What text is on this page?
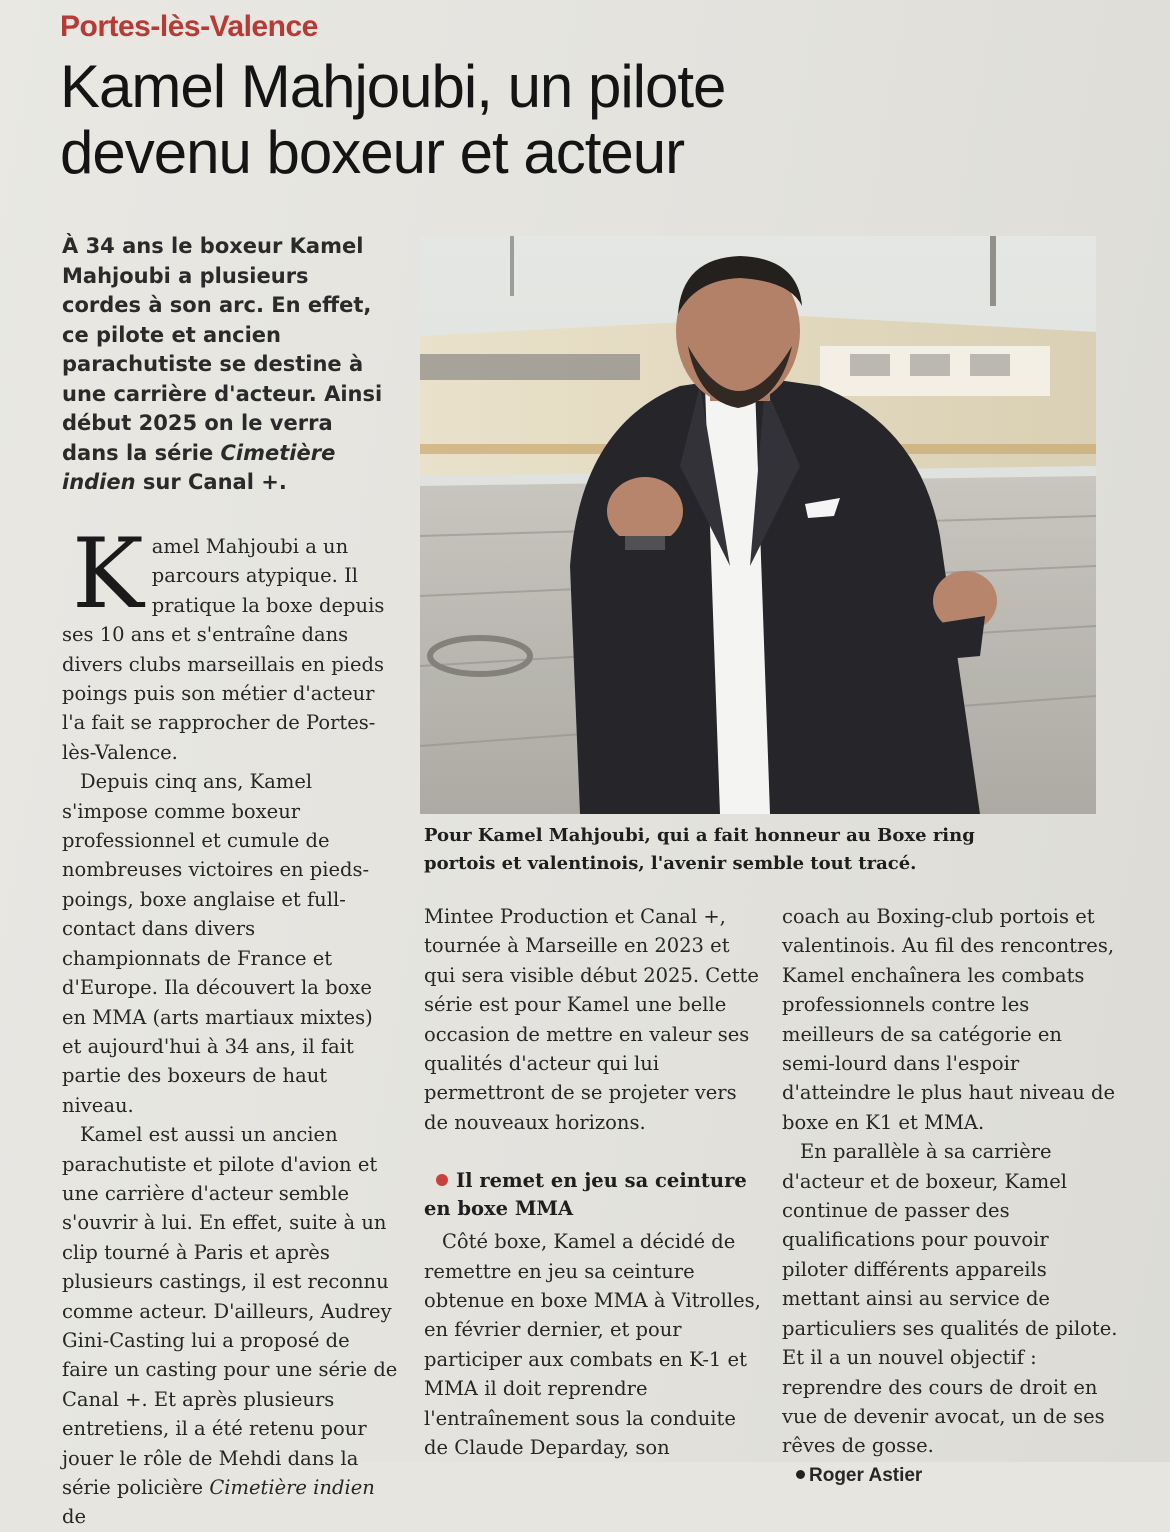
Portes-lès-Valence
Kamel Mahjoubi, un pilote
devenu boxeur et acteur
À 34 ans le boxeur Kamel Mahjoubi a plusieurs cordes à son arc. En effet, ce pilote et ancien parachutiste se destine à une carrière d'acteur. Ainsi début 2025 on le verra dans la série Cimetière indien sur Canal +.
Pour Kamel Mahjoubi, qui a fait honneur au Boxe ring
portois et valentinois, l'avenir semble tout tracé.

Kamel Mahjoubi a un parcours atypique. Il pratique la boxe depuis ses 10 ans et s'entraîne dans divers clubs marseillais en pieds poings puis son métier d'acteur l'a fait se rapprocher de Portes-lès-Valence.

Depuis cinq ans, Kamel s'impose comme boxeur professionnel et cumule de nombreuses victoires en pieds-poings, boxe anglaise et full-contact dans divers championnats de France et d'Europe. Ila découvert la boxe en MMA (arts martiaux mixtes) et aujourd'hui à 34 ans, il fait partie des boxeurs de haut niveau.

Kamel est aussi un ancien parachutiste et pilote d'avion et une carrière d'acteur semble s'ouvrir à lui. En effet, suite à un clip tourné à Paris et après plusieurs castings, il est reconnu comme acteur. D'ailleurs, Audrey Gini-Casting lui a proposé de faire un casting pour une série de Canal +. Et après plusieurs entretiens, il a été retenu pour jouer le rôle de Mehdi dans la série policière Cimetière indien de

Mintee Production et Canal +, tournée à Marseille en 2023 et qui sera visible début 2025. Cette série est pour Kamel une belle occasion de mettre en valeur ses qualités d'acteur qui lui permettront de se projeter vers de nouveaux horizons.

Il remet en jeu sa ceinture en boxe MMA

Côté boxe, Kamel a décidé de remettre en jeu sa ceinture obtenue en boxe MMA à Vitrolles, en février dernier, et pour participer aux combats en K-1 et MMA il doit reprendre l'entraînement sous la conduite de Claude Deparday, son

coach au Boxing-club portois et valentinois. Au fil des rencontres, Kamel enchaînera les combats professionnels contre les meilleurs de sa catégorie en semi-lourd dans l'espoir d'atteindre le plus haut niveau de boxe en K1 et MMA.

En parallèle à sa carrière d'acteur et de boxeur, Kamel continue de passer des qualifications pour pouvoir piloter différents appareils mettant ainsi au service de particuliers ses qualités de pilote. Et il a un nouvel objectif : reprendre des cours de droit en vue de devenir avocat, un de ses rêves de gosse.

Roger Astier
